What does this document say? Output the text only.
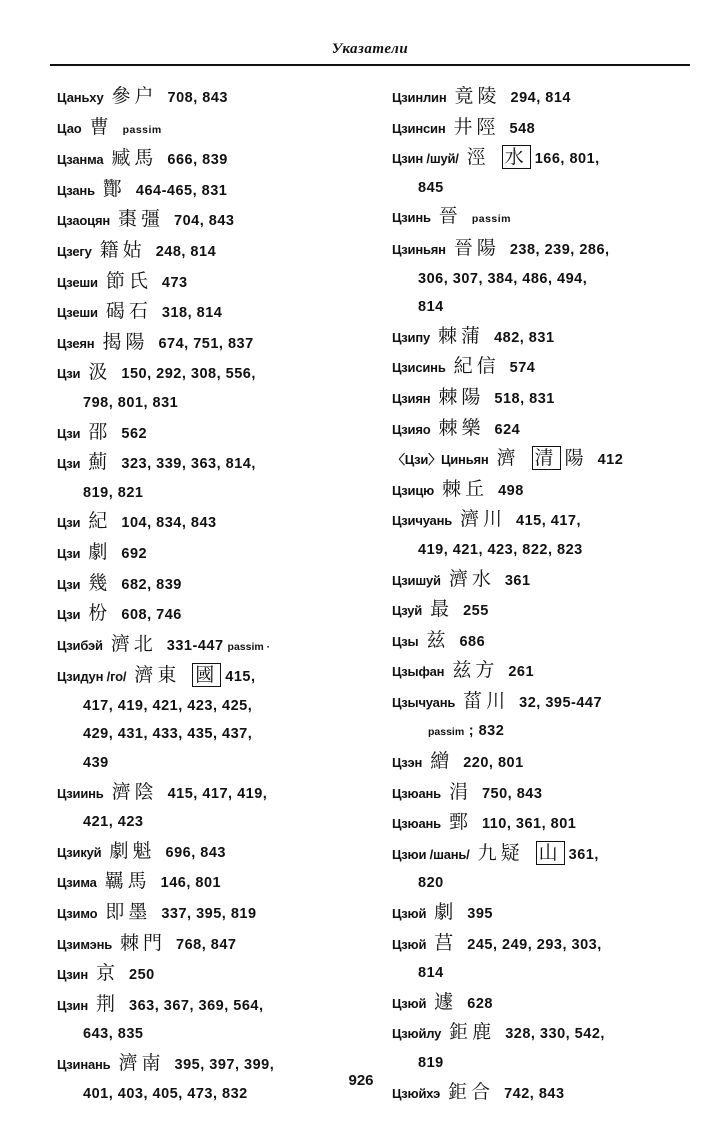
Указатели
Цаньху 參户 708, 843
Цао 曹 passim
Цзанма 臧馬 666, 839
Цзань 酇 464-465, 831
Цзаоцян 棗彊 704, 843
Цзегу 籍姑 248, 814
Цзеши 節氏 473
Цзеши 碣石 318, 814
Цзеян 揭陽 674, 751, 837
Цзи 汲 150, 292, 308, 556,
798, 801, 831
Цзи 邵 562
Цзи 薊 323, 339, 363, 814,
819, 821
Цзи 紀 104, 834, 843
Цзи 劇 692
Цзи 幾 682, 839
Цзи 枌 608, 746
Цзибэй 濟北 331-447 passim ·
Цзидун /го/ 濟東 國 415,
417, 419, 421, 423, 425,
429, 431, 433, 435, 437,
439
Цзиинь 濟陰 415, 417, 419,
421, 423
Цзикуй 劇魁 696, 843
Цзима 羈馬 146, 801
Цзимо 即墨 337, 395, 819
Цзимэнь 棘門 768, 847
Цзин 京 250
Цзин 荆 363, 367, 369, 564,
643, 835
Цзинань 濟南 395, 397, 399,
401, 403, 405, 473, 832
Цзинлин 竟陵 294, 814
Цзинсин 井陘 548
Цзин /шуй/ 涇 水 166, 801,
845
Цзинь 晉 passim
Цзиньян 晉陽 238, 239, 286,
306, 307, 384, 486, 494,
814
Цзипу 棘蒲 482, 831
Цзисинь 紀信 574
Цзиян 棘陽 518, 831
Цзияо 棘樂 624
〈Цзи〉Циньян 濟 清 陽 412
Цзицю 棘丘 498
Цзичуань 濟川 415, 417,
419, 421, 423, 822, 823
Цзишуй 濟水 361
Цзуй 最 255
Цзы 兹 686
Цзыфан 兹方 261
Цзычуань 菑川 32, 395-447
passim ; 832
Цзэн 繒 220, 801
Цзюань 涓 750, 843
Цзюань 鄄 110, 361, 801
Цзюи /шань/ 九疑 山 361,
820
Цзюй 劇 395
Цзюй 莒 245, 249, 293, 303,
814
Цзюй 遽 628
Цзюйлу 鉅鹿 328, 330, 542,
819
Цзюйхэ 鉅合 742, 843
926
